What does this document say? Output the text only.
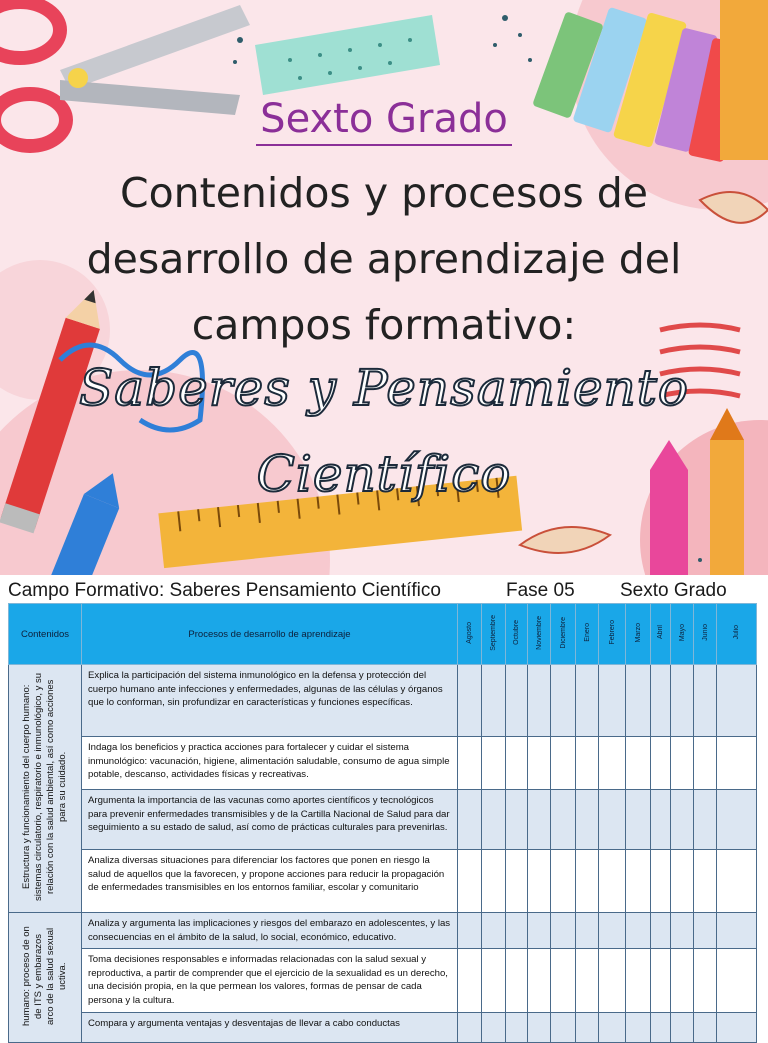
Sexto Grado
Contenidos y procesos de
desarrollo de aprendizaje del
campos formativo:
Saberes y Pensamiento
Científico
Campo Formativo: Saberes Pensamiento Científico	Fase 05 Sexto Grado
Contenidos	Procesos de desarrollo de aprendizaje	Agosto	Septiembre	Octubre	Noviembre	Diciembre	Enero	Febrero	Marzo	Abril	Mayo	Junio	Julio
Estructura y funcionamiento del cuerpo humano: sistemas circulatorio, respiratorio e inmunológico, y su relación con la salud ambiental, así como acciones para su cuidado.	Explica la participación del sistema inmunológico en la defensa y protección del cuerpo humano ante infecciones y enfermedades, algunas de las células y órganos que lo conforman, sin profundizar en características y funciones específicas.												
	Indaga los beneficios y practica acciones para fortalecer y cuidar el sistema inmunológico: vacunación, higiene, alimentación saludable, consumo de agua simple potable, descanso, actividades físicas y recreativas.												
	Argumenta la importancia de las vacunas como aportes científicos y tecnológicos para prevenir enfermedades transmisibles y de la Cartilla Nacional de Salud para dar seguimiento a su estado de salud, así como de prácticas culturales para prevenirlas.												
	Analiza diversas situaciones para diferenciar los factores que ponen en riesgo la salud de aquellos que la favorecen, y propone acciones para reducir la propagación de enfermedades transmisibles en los entornos familiar, escolar y comunitario												
humano: proceso de on de ITS y embarazos arco de la salud sexual uctiva.	Analiza y argumenta las implicaciones y riesgos del embarazo en adolescentes, y las consecuencias en el ámbito de la salud, lo social, económico, educativo.												
	Toma decisiones responsables e informadas relacionadas con la salud sexual y reproductiva, a partir de comprender que el ejercicio de la sexualidad es un derecho, una decisión propia, en la que permean los valores, formas de pensar de cada persona y la cultura.												
	Compara y argumenta ventajas y desventajas de llevar a cabo conductas												
